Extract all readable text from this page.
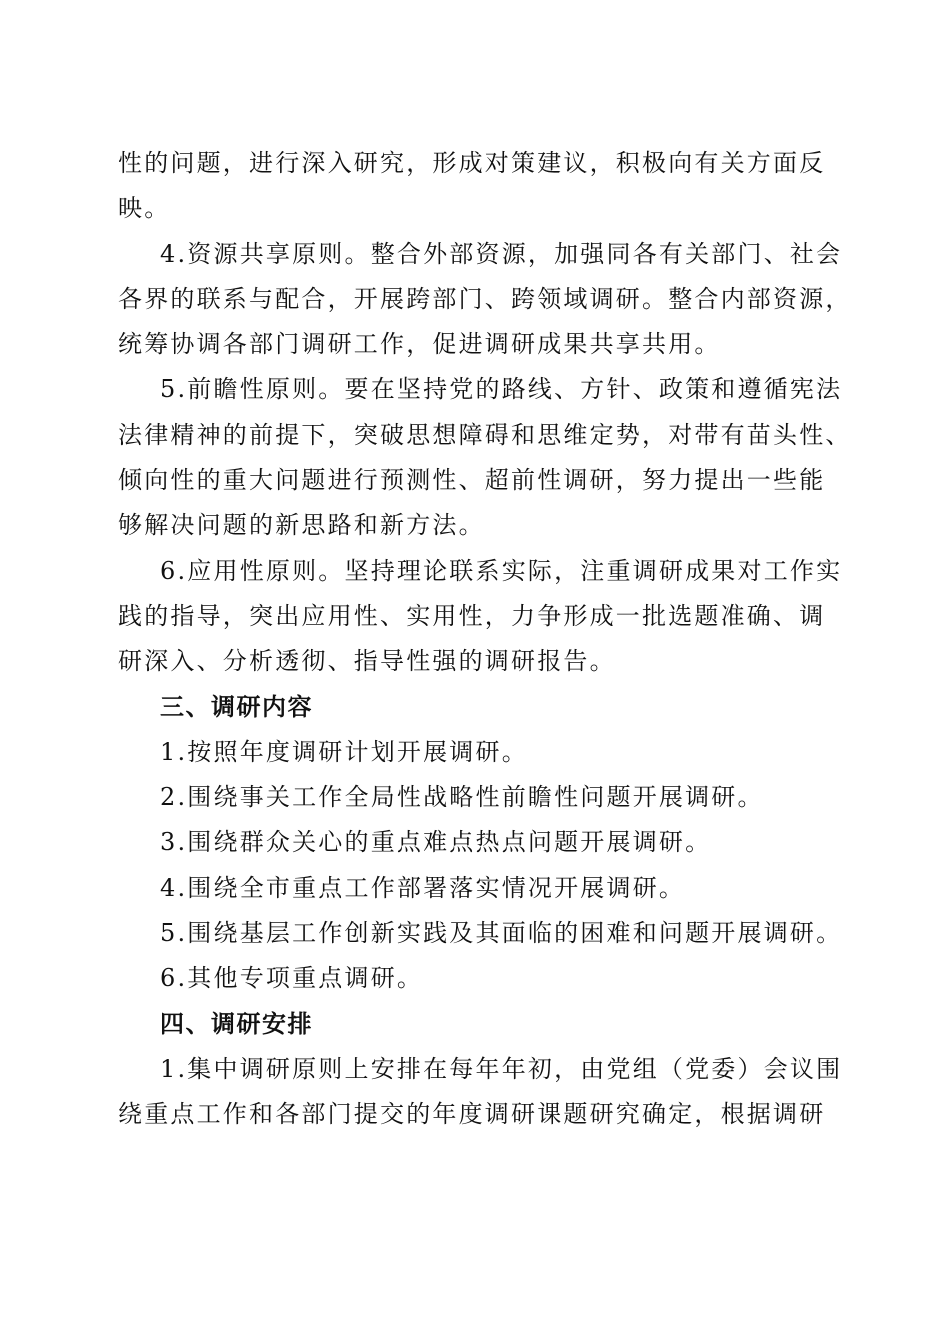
性的问题，进行深入研究，形成对策建议，积极向有关方面反
映。
4.资源共享原则。整合外部资源，加强同各有关部门、社会
各界的联系与配合，开展跨部门、跨领域调研。整合内部资源，
统筹协调各部门调研工作，促进调研成果共享共用。
5.前瞻性原则。要在坚持党的路线、方针、政策和遵循宪法
法律精神的前提下，突破思想障碍和思维定势，对带有苗头性、
倾向性的重大问题进行预测性、超前性调研，努力提出一些能
够解决问题的新思路和新方法。
6.应用性原则。坚持理论联系实际，注重调研成果对工作实
践的指导，突出应用性、实用性，力争形成一批选题准确、调
研深入、分析透彻、指导性强的调研报告。
三、调研内容
1.按照年度调研计划开展调研。
2.围绕事关工作全局性战略性前瞻性问题开展调研。
3.围绕群众关心的重点难点热点问题开展调研。
4.围绕全市重点工作部署落实情况开展调研。
5.围绕基层工作创新实践及其面临的困难和问题开展调研。
6.其他专项重点调研。
四、调研安排
1.集中调研原则上安排在每年年初，由党组（党委）会议围
绕重点工作和各部门提交的年度调研课题研究确定，根据调研
